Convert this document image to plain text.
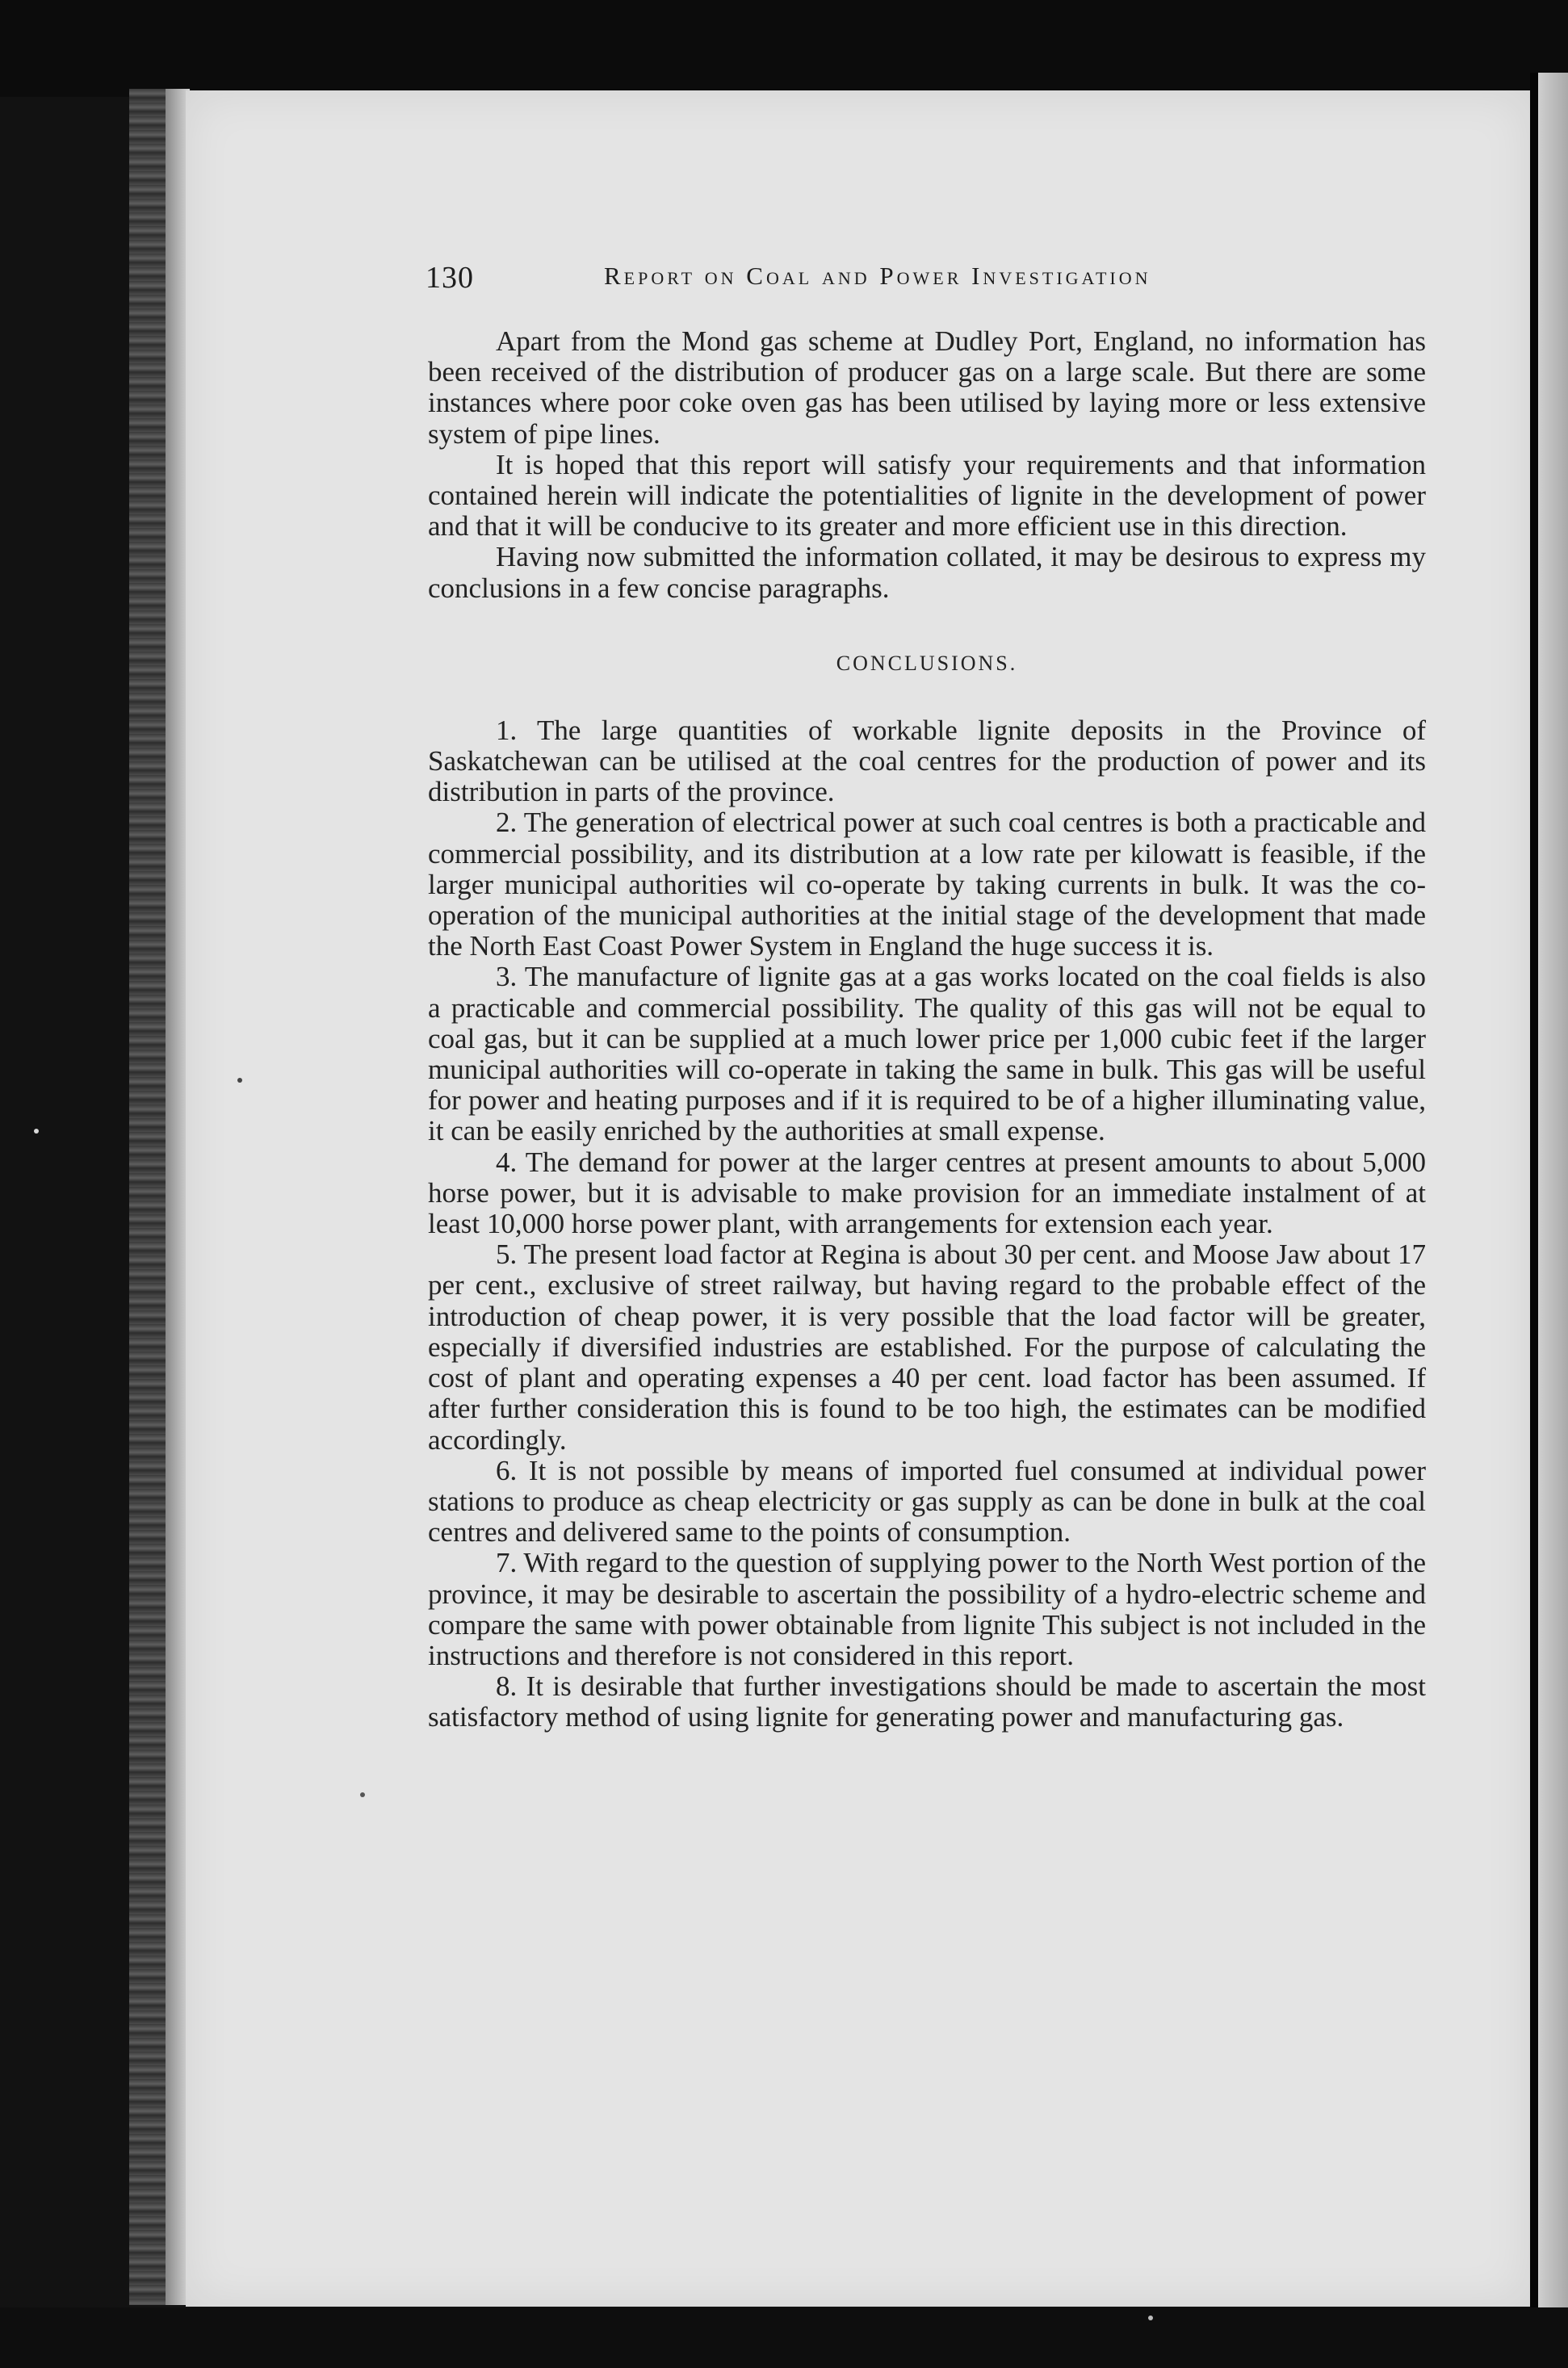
130	Report on Coal and Power Investigation

Apart from the Mond gas scheme at Dudley Port, England, no information has been received of the distribution of producer gas on a large scale. But there are some instances where poor coke oven gas has been utilised by laying more or less extensive system of pipe lines.

It is hoped that this report will satisfy your requirements and that information contained herein will indicate the potentialities of lignite in the development of power and that it will be conducive to its greater and more efficient use in this direction.

Having now submitted the information collated, it may be desirous to express my conclusions in a few concise paragraphs.

CONCLUSIONS.

1. The large quantities of workable lignite deposits in the Province of Saskatchewan can be utilised at the coal centres for the production of power and its distribution in parts of the province.

2. The generation of electrical power at such coal centres is both a practicable and commercial possibility, and its distribution at a low rate per kilowatt is feasible, if the larger municipal authorities wil co-operate by taking currents in bulk. It was the co-operation of the municipal authorities at the initial stage of the development that made the North East Coast Power System in England the huge success it is.

3. The manufacture of lignite gas at a gas works located on the coal fields is also a practicable and commercial possibility. The quality of this gas will not be equal to coal gas, but it can be supplied at a much lower price per 1,000 cubic feet if the larger municipal authorities will co-operate in taking the same in bulk. This gas will be useful for power and heating purposes and if it is required to be of a higher illuminating value, it can be easily enriched by the authorities at small expense.

4. The demand for power at the larger centres at present amounts to about 5,000 horse power, but it is advisable to make provision for an immediate instalment of at least 10,000 horse power plant, with arrangements for extension each year.

5. The present load factor at Regina is about 30 per cent. and Moose Jaw about 17 per cent., exclusive of street railway, but having regard to the probable effect of the introduction of cheap power, it is very possible that the load factor will be greater, especially if diversified industries are established. For the purpose of calculating the cost of plant and operating expenses a 40 per cent. load factor has been assumed. If after further consideration this is found to be too high, the estimates can be modified accordingly.

6. It is not possible by means of imported fuel consumed at individual power stations to produce as cheap electricity or gas supply as can be done in bulk at the coal centres and delivered same to the points of consumption.

7. With regard to the question of supplying power to the North West portion of the province, it may be desirable to ascertain the possibility of a hydro-electric scheme and compare the same with power obtainable from lignite This subject is not included in the instructions and therefore is not considered in this report.

8. It is desirable that further investigations should be made to ascertain the most satisfactory method of using lignite for generating power and manufacturing gas.
